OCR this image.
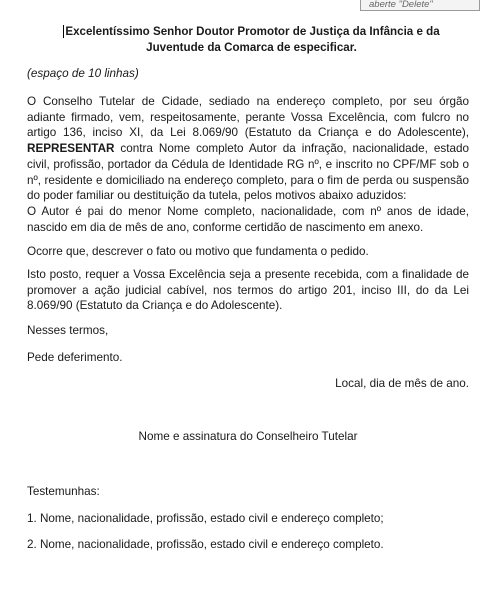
aberte "Delete"

Excelentíssimo Senhor Doutor Promotor de Justiça da Infância e da Juventude da Comarca de especificar.

(espaço de 10 linhas)

O Conselho Tutelar de Cidade, sediado na endereço completo, por seu órgão adiante firmado, vem, respeitosamente, perante Vossa Excelência, com fulcro no artigo 136, inciso XI, da Lei 8.069/90 (Estatuto da Criança e do Adolescente), REPRESENTAR contra Nome completo Autor da infração, nacionalidade, estado civil, profissão, portador da Cédula de Identidade RG nº, e inscrito no CPF/MF sob o nº, residente e domiciliado na endereço completo, para o fim de perda ou suspensão do poder familiar ou destituição da tutela, pelos motivos abaixo aduzidos:

O Autor é pai do menor Nome completo, nacionalidade, com nº anos de idade, nascido em dia de mês de ano, conforme certidão de nascimento em anexo.

Ocorre que, descrever o fato ou motivo que fundamenta o pedido.

Isto posto, requer a Vossa Excelência seja a presente recebida, com a finalidade de promover a ação judicial cabível, nos termos do artigo 201, inciso III, do da Lei 8.069/90 (Estatuto da Criança e do Adolescente).

Nesses termos,

Pede deferimento.

Local, dia de mês de ano.

Nome e assinatura do Conselheiro Tutelar

Testemunhas:

1. Nome, nacionalidade, profissão, estado civil e endereço completo;

2. Nome, nacionalidade, profissão, estado civil e endereço completo.
